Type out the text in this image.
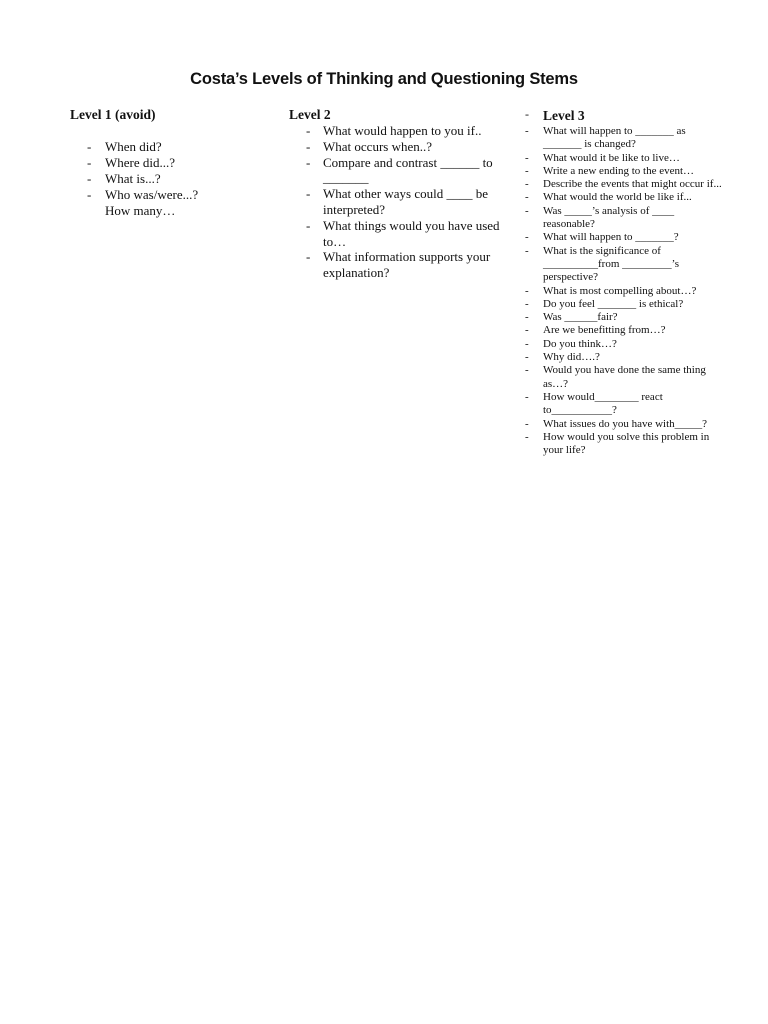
Costa’s Levels of Thinking and Questioning Stems
Level 1 (avoid)
- When did?
- Where did...?
- What is...?
- Who was/were...?
How many…
Level 2
- What would happen to you if..
- What occurs when..?
- Compare and contrast ______ to _______
- What other ways could ____ be interpreted?
- What things would you have used to…
- What information supports your explanation?
- Level 3
- What will happen to _______ as _______ is changed?
- What would it be like to live…
- Write a new ending to the event…
- Describe the events that might occur if...
- What would the world be like if...
- Was _____’s analysis of ____ reasonable?
- What will happen to _______?
- What is the significance of __________from _________’s perspective?
- What is most compelling about…?
- Do you feel _______ is ethical?
- Was ______fair?
- Are we benefitting from…?
- Do you think…?
- Why did….?
- Would you have done the same thing as…?
- How would________ react to___________?
- What issues do you have with_____?
- How would you solve this problem in your life?
